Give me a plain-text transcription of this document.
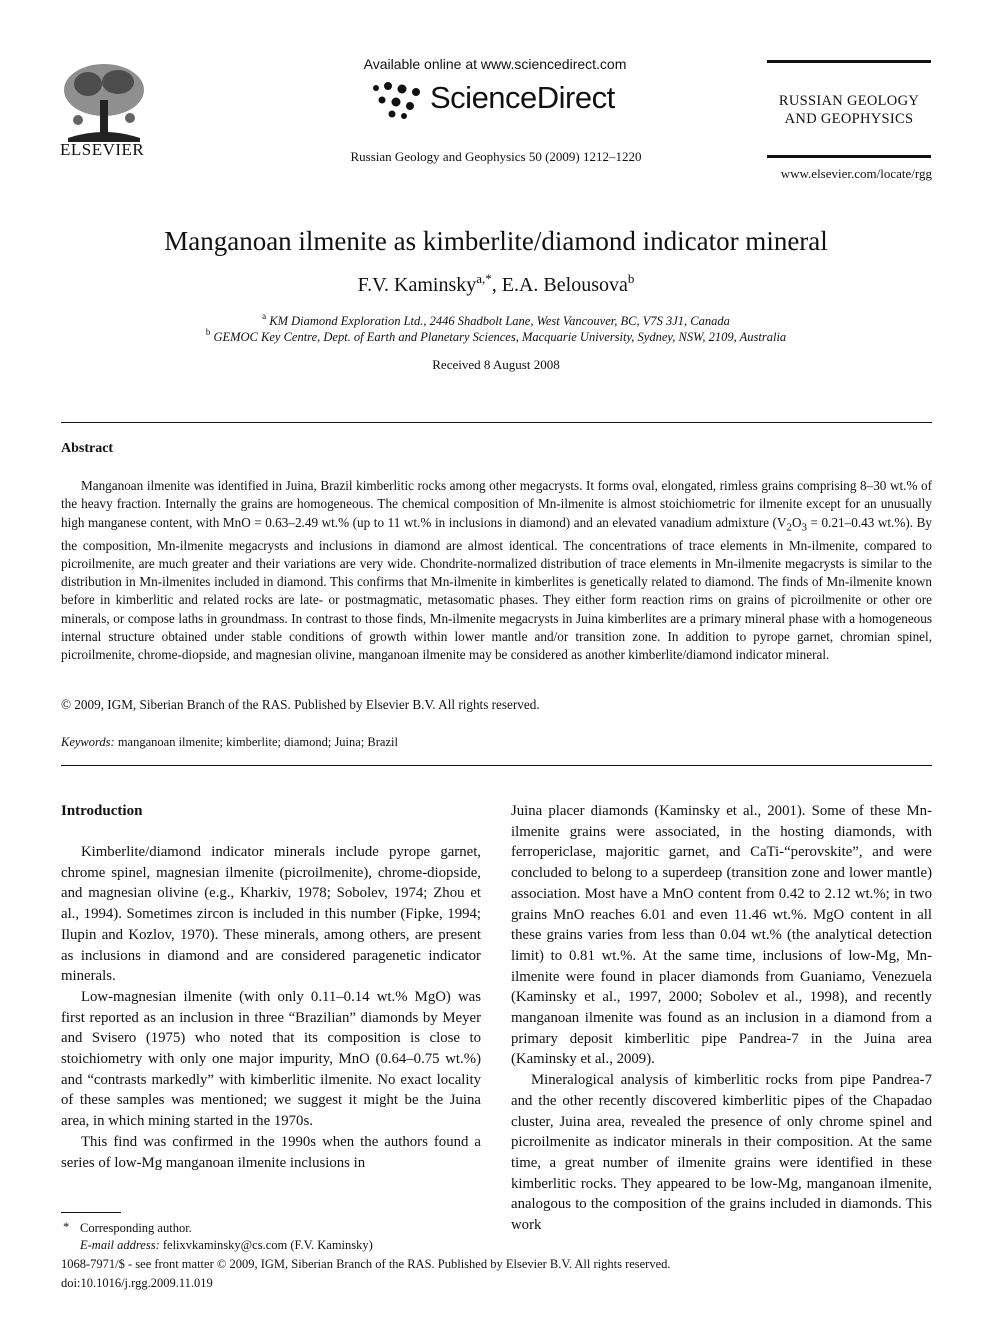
ELSEVIER
Available online at www.sciencedirect.com
ScienceDirect
Russian Geology and Geophysics 50 (2009) 1212–1220
RUSSIAN GEOLOGY
AND GEOPHYSICS
www.elsevier.com/locate/rgg
Manganoan ilmenite as kimberlite/diamond indicator mineral
F.V. Kaminsky$^{a,*}$, E.A. Belousova$^b$
$^a$ KM Diamond Exploration Ltd., 2446 Shadbolt Lane, West Vancouver, BC, V7S 3J1, Canada
$^b$ GEMOC Key Centre, Dept. of Earth and Planetary Sciences, Macquarie University, Sydney, NSW, 2109, Australia
Received 8 August 2008
Abstract
Manganoan ilmenite was identified in Juina, Brazil kimberlitic rocks among other megacrysts. It forms oval, elongated, rimless grains comprising 8–30 wt.% of the heavy fraction. Internally the grains are homogeneous. The chemical composition of Mn-ilmenite is almost stoichiometric for ilmenite except for an unusually high manganese content, with MnO = 0.63–2.49 wt.% (up to 11 wt.% in inclusions in diamond) and an elevated vanadium admixture ($V_2O_3 = 0.21-0.43$ wt.%). By the composition, Mn-ilmenite megacrysts and inclusions in diamond are almost identical. The concentrations of trace elements in Mn-ilmenite, compared to picroilmenite, are much greater and their variations are very wide. Chondrite-normalized distribution of trace elements in Mn-ilmenite megacrysts is similar to the distribution in Mn-ilmenites included in diamond. This confirms that Mn-ilmenite in kimberlites is genetically related to diamond. The finds of Mn-ilmenite known before in kimberlitic and related rocks are late- or postmagmatic, metasomatic phases. They either form reaction rims on grains of picroilmenite or other ore minerals, or compose laths in groundmass. In contrast to those finds, Mn-ilmenite megacrysts in Juina kimberlites are a primary mineral phase with a homogeneous internal structure obtained under stable conditions of growth within lower mantle and/or transition zone. In addition to pyrope garnet, chromian spinel, picroilmenite, chrome-diopside, and magnesian olivine, manganoan ilmenite may be considered as another kimberlite/diamond indicator mineral.
© 2009, IGM, Siberian Branch of the RAS. Published by Elsevier B.V. All rights reserved.
Keywords: manganoan ilmenite; kimberlite; diamond; Juina; Brazil
Introduction

Kimberlite/diamond indicator minerals include pyrope garnet, chrome spinel, magnesian ilmenite (picroilmenite), chrome-diopside, and magnesian olivine (e.g., Kharkiv, 1978; Sobolev, 1974; Zhou et al., 1994). Sometimes zircon is included in this number (Fipke, 1994; Ilupin and Kozlov, 1970). These minerals, among others, are present as inclusions in diamond and are considered paragenetic indicator minerals.

Low-magnesian ilmenite (with only 0.11–0.14 wt.% MgO) was first reported as an inclusion in three “Brazilian” diamonds by Meyer and Svisero (1975) who noted that its composition is close to stoichiometry with only one major impurity, MnO (0.64–0.75 wt.%) and “contrasts markedly” with kimberlitic ilmenite. No exact locality of these samples was mentioned; we suggest it might be the Juina area, in which mining started in the 1970s.

This find was confirmed in the 1990s when the authors found a series of low-Mg manganoan ilmenite inclusions in

Juina placer diamonds (Kaminsky et al., 2001). Some of these Mn-ilmenite grains were associated, in the hosting diamonds, with ferropericlase, majoritic garnet, and CaTi-“perovskite”, and were concluded to belong to a superdeep (transition zone and lower mantle) association. Most have a MnO content from 0.42 to 2.12 wt.%; in two grains MnO reaches 6.01 and even 11.46 wt.%. MgO content in all these grains varies from less than 0.04 wt.% (the analytical detection limit) to 0.81 wt.%. At the same time, inclusions of low-Mg, Mn-ilmenite were found in placer diamonds from Guaniamo, Venezuela (Kaminsky et al., 1997, 2000; Sobolev et al., 1998), and recently manganoan ilmenite was found as an inclusion in a diamond from a primary deposit kimberlitic pipe Pandrea-7 in the Juina area (Kaminsky et al., 2009).

Mineralogical analysis of kimberlitic rocks from pipe Pandrea-7 and the other recently discovered kimberlitic pipes of the Chapadao cluster, Juina area, revealed the presence of only chrome spinel and picroilmenite as indicator minerals in their composition. At the same time, a great number of ilmenite grains were identified in these kimberlitic rocks. They appeared to be low-Mg, manganoan ilmenite, analogous to the composition of the grains included in diamonds. This work

* Corresponding author.
E-mail address: felixvkaminsky@cs.com (F.V. Kaminsky)
1068-7971/$ - see front matter © 2009, IGM, Siberian Branch of the RAS. Published by Elsevier B.V. All rights reserved.
doi:10.1016/j.rgg.2009.11.019
